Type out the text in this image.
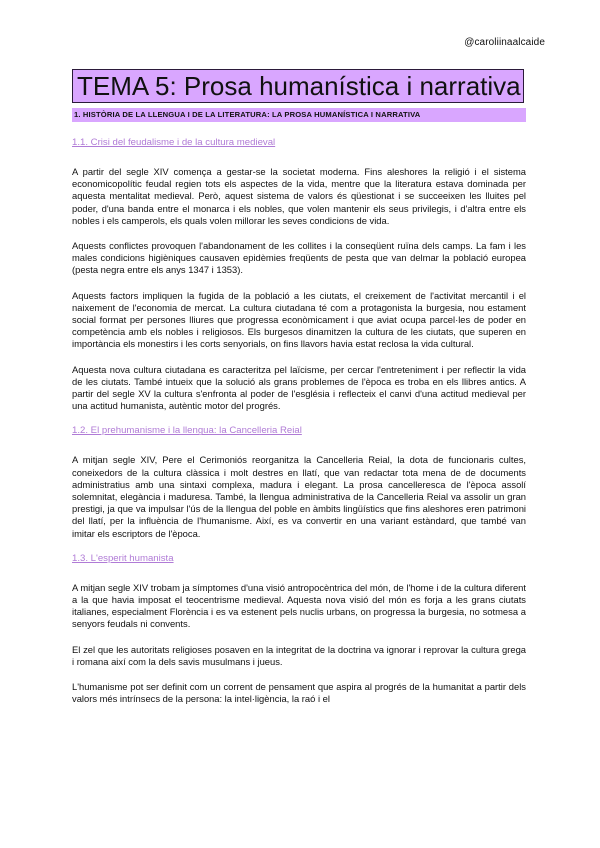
@caroliinaalcaide
TEMA 5: Prosa humanística i narrativa
1. HISTÒRIA DE LA LLENGUA I DE LA LITERATURA: LA PROSA HUMANÍSTICA I NARRATIVA
1.1. Crisi del feudalisme i de la cultura medieval

A partir del segle XIV comença a gestar-se la societat moderna. Fins aleshores la religió i el sistema economicopolític feudal regien tots els aspectes de la vida, mentre que la literatura estava dominada per aquesta mentalitat medieval. Però, aquest sistema de valors és qüestionat i se succeeixen les lluites pel poder, d'una banda entre el monarca i els nobles, que volen mantenir els seus privilegis, i d'altra entre els nobles i els camperols, els quals volen millorar les seves condicions de vida.

Aquests conflictes provoquen l'abandonament de les collites i la conseqüent ruïna dels camps. La fam i les males condicions higièniques causaven epidèmies freqüents de pesta que van delmar la població europea (pesta negra entre els anys 1347 i 1353).

Aquests factors impliquen la fugida de la població a les ciutats, el creixement de l'activitat mercantil i el naixement de l'economia de mercat. La cultura ciutadana té com a protagonista la burgesia, nou estament social format per persones lliures que progressa econòmicament i que aviat ocupa parcel·les de poder en competència amb els nobles i religiosos. Els burgesos dinamitzen la cultura de les ciutats, que superen en importància els monestirs i les corts senyorials, on fins llavors havia estat reclosa la vida cultural.

Aquesta nova cultura ciutadana es caracteritza pel laïcisme, per cercar l'entreteniment i per reflectir la vida de les ciutats. També intueix que la solució als grans problemes de l'època es troba en els llibres antics. A partir del segle XV la cultura s'enfronta al poder de l'església i reflecteix el canvi d'una actitud medieval per una actitud humanista, autèntic motor del progrés.

1.2. El prehumanisme i la llengua: la Cancelleria Reial

A mitjan segle XIV, Pere el Cerimoniós reorganitza la Cancelleria Reial, la dota de funcionaris cultes, coneixedors de la cultura clàssica i molt destres en llatí, que van redactar tota mena de de documents administratius amb una sintaxi complexa, madura i elegant. La prosa cancelleresca de l'època assolí solemnitat, elegància i maduresa. També, la llengua administrativa de la Cancelleria Reial va assolir un gran prestigi, ja que va impulsar l'ús de la llengua del poble en àmbits lingüístics que fins aleshores eren patrimoni del llatí, per la influència de l'humanisme. Així, es va convertir en una variant estàndard, que també van imitar els escriptors de l'època.

1.3. L'esperit humanista

A mitjan segle XIV trobam ja símptomes d'una visió antropocèntrica del món, de l'home i de la cultura diferent a la que havia imposat el teocentrisme medieval. Aquesta nova visió del món es forja a les grans ciutats italianes, especialment Florència i es va estenent pels nuclis urbans, on progressa la burgesia, no sotmesa a senyors feudals ni convents.

El zel que les autoritats religioses posaven en la integritat de la doctrina va ignorar i reprovar la cultura grega i romana així com la dels savis musulmans i jueus.

L'humanisme pot ser definit com un corrent de pensament que aspira al progrés de la humanitat a partir dels valors més intrínsecs de la persona: la intel·ligència, la raó i el
